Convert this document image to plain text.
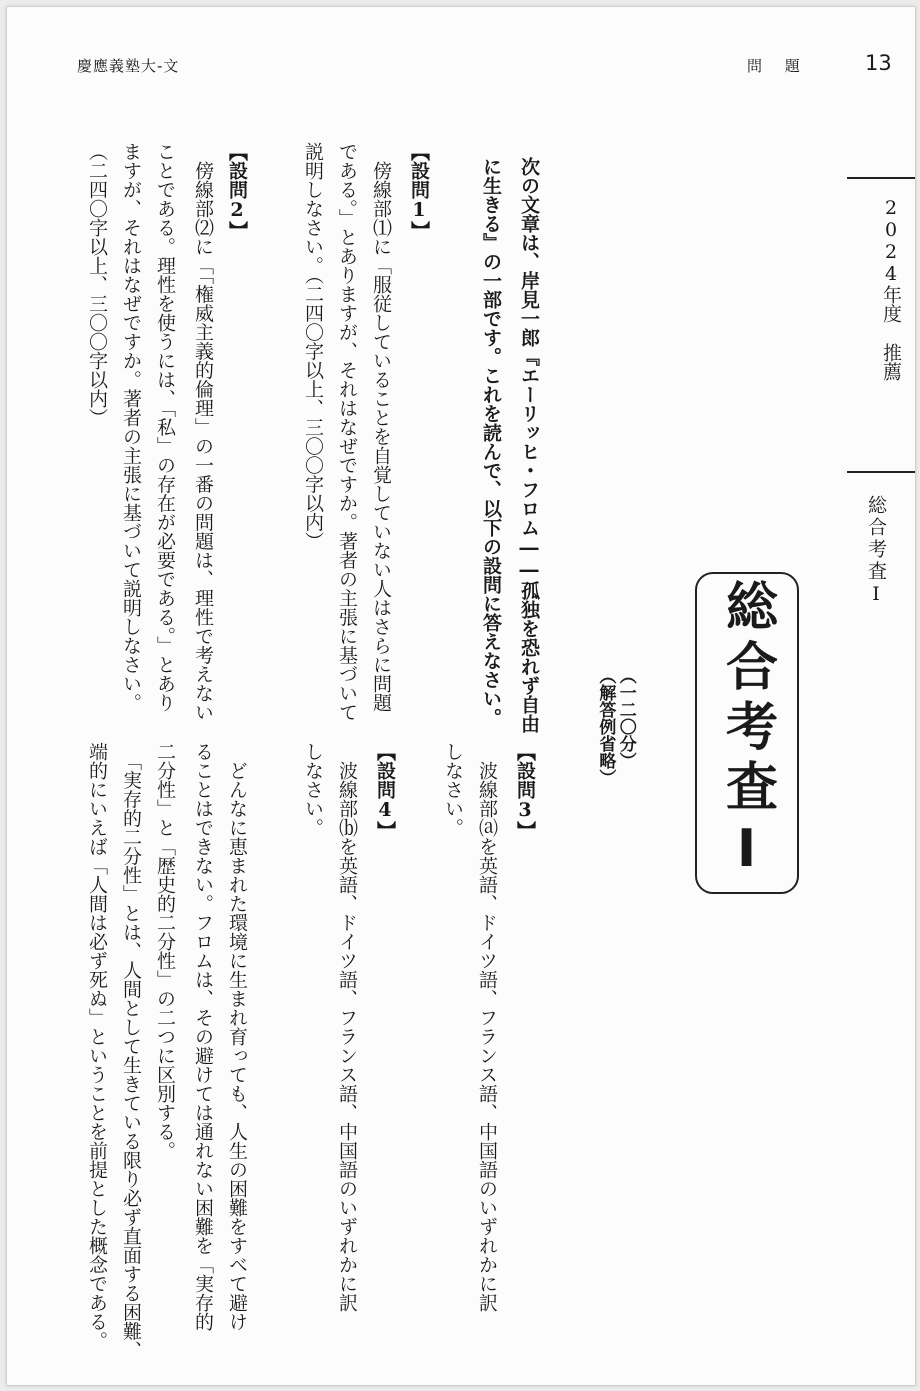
慶應義塾大-文	問 題	13
2024年度推薦
総合考査Ⅰ
総合考査Ⅰ
（一二〇分）
（解答例省略）
次の文章は、岸見一郎『エーリッヒ・フロム――孤独を恐れず自由
に生きる』の一部です。これを読んで、以下の設問に答えなさい。
【設問1】
　傍線部⑴に「服従していることを自覚していない人はさらに問題
である。」とありますが、それはなぜですか。著者の主張に基づいて
説明しなさい。（二四〇字以上、三〇〇字以内）
【設問2】
　傍線部⑵に「「権威主義的倫理」の一番の問題は、理性で考えない
ことである。理性を使うには、「私」の存在が必要である。」とあり
ますが、それはなぜですか。著者の主張に基づいて説明しなさい。
（二四〇字以上、三〇〇字以内）
【設問3】
　波線部⒜を英語、ドイツ語、フランス語、中国語のいずれかに訳
しなさい。
【設問4】
　波線部⒝を英語、ドイツ語、フランス語、中国語のいずれかに訳
しなさい。
　どんなに恵まれた環境に生まれ育っても、人生の困難をすべて避け
ることはできない。フロムは、その避けては通れない困難を「実存的
二分性」と「歴史的二分性」の二つに区別する。
　「実存的二分性」とは、人間として生きている限り必ず直面する困難、
端的にいえば「人間は必ず死ぬ」ということを前提とした概念である。
